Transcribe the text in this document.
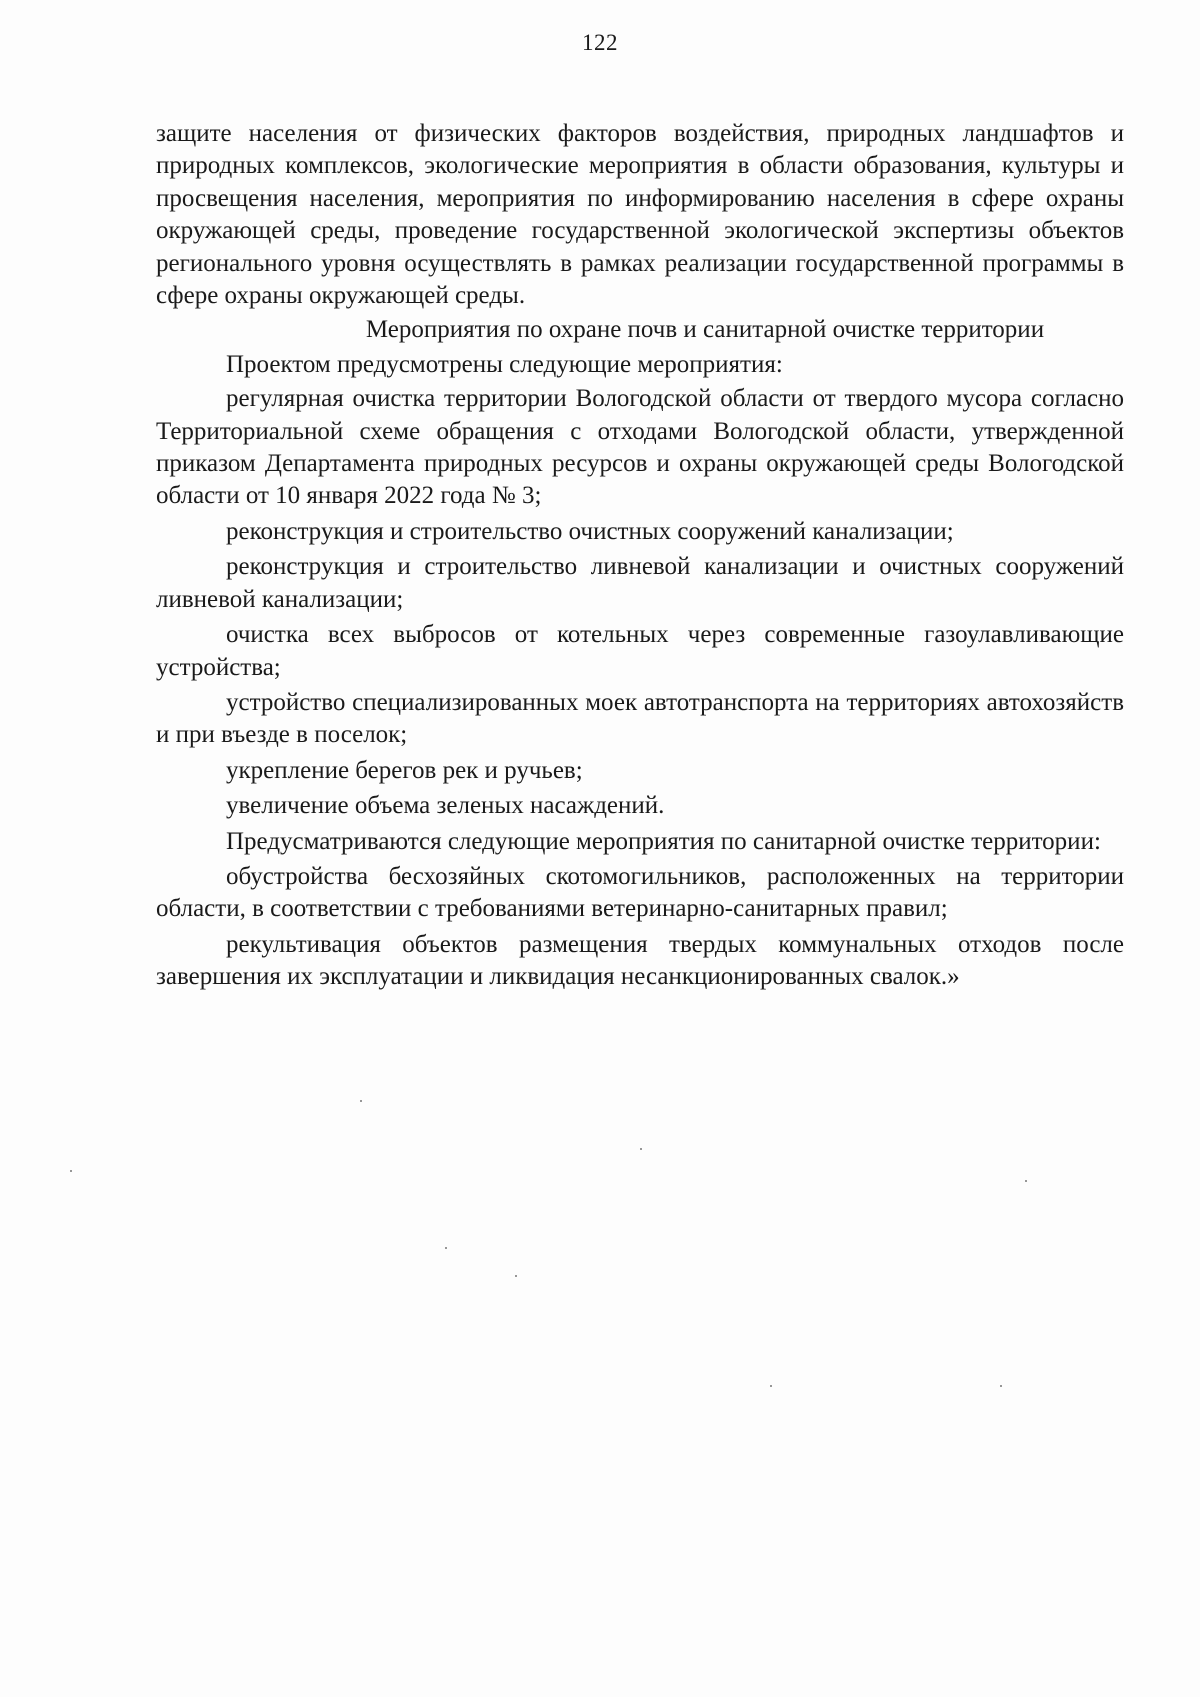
122

защите населения от физических факторов воздействия, природных ландшафтов и природных комплексов, экологические мероприятия в области образования, культуры и просвещения населения, мероприятия по информированию населения в сфере охраны окружающей среды, проведение государственной экологической экспертизы объектов регионального уровня осуществлять в рамках реализации государственной программы в сфере охраны окружающей среды.

Мероприятия по охране почв и санитарной очистке территории

Проектом предусмотрены следующие мероприятия:

регулярная очистка территории Вологодской области от твердого мусора согласно Территориальной схеме обращения с отходами Вологодской области, утвержденной приказом Департамента природных ресурсов и охраны окружающей среды Вологодской области от 10 января 2022 года № 3;

реконструкция и строительство очистных сооружений канализации;

реконструкция и строительство ливневой канализации и очистных сооружений ливневой канализации;

очистка всех выбросов от котельных через современные газоулавливающие устройства;

устройство специализированных моек автотранспорта на территориях автохозяйств и при въезде в поселок;

укрепление берегов рек и ручьев;

увеличение объема зеленых насаждений.

Предусматриваются следующие мероприятия по санитарной очистке территории:

обустройства бесхозяйных скотомогильников, расположенных на территории области, в соответствии с требованиями ветеринарно-санитарных правил;

рекультивация объектов размещения твердых коммунальных отходов после завершения их эксплуатации и ликвидация несанкционированных свалок.»
